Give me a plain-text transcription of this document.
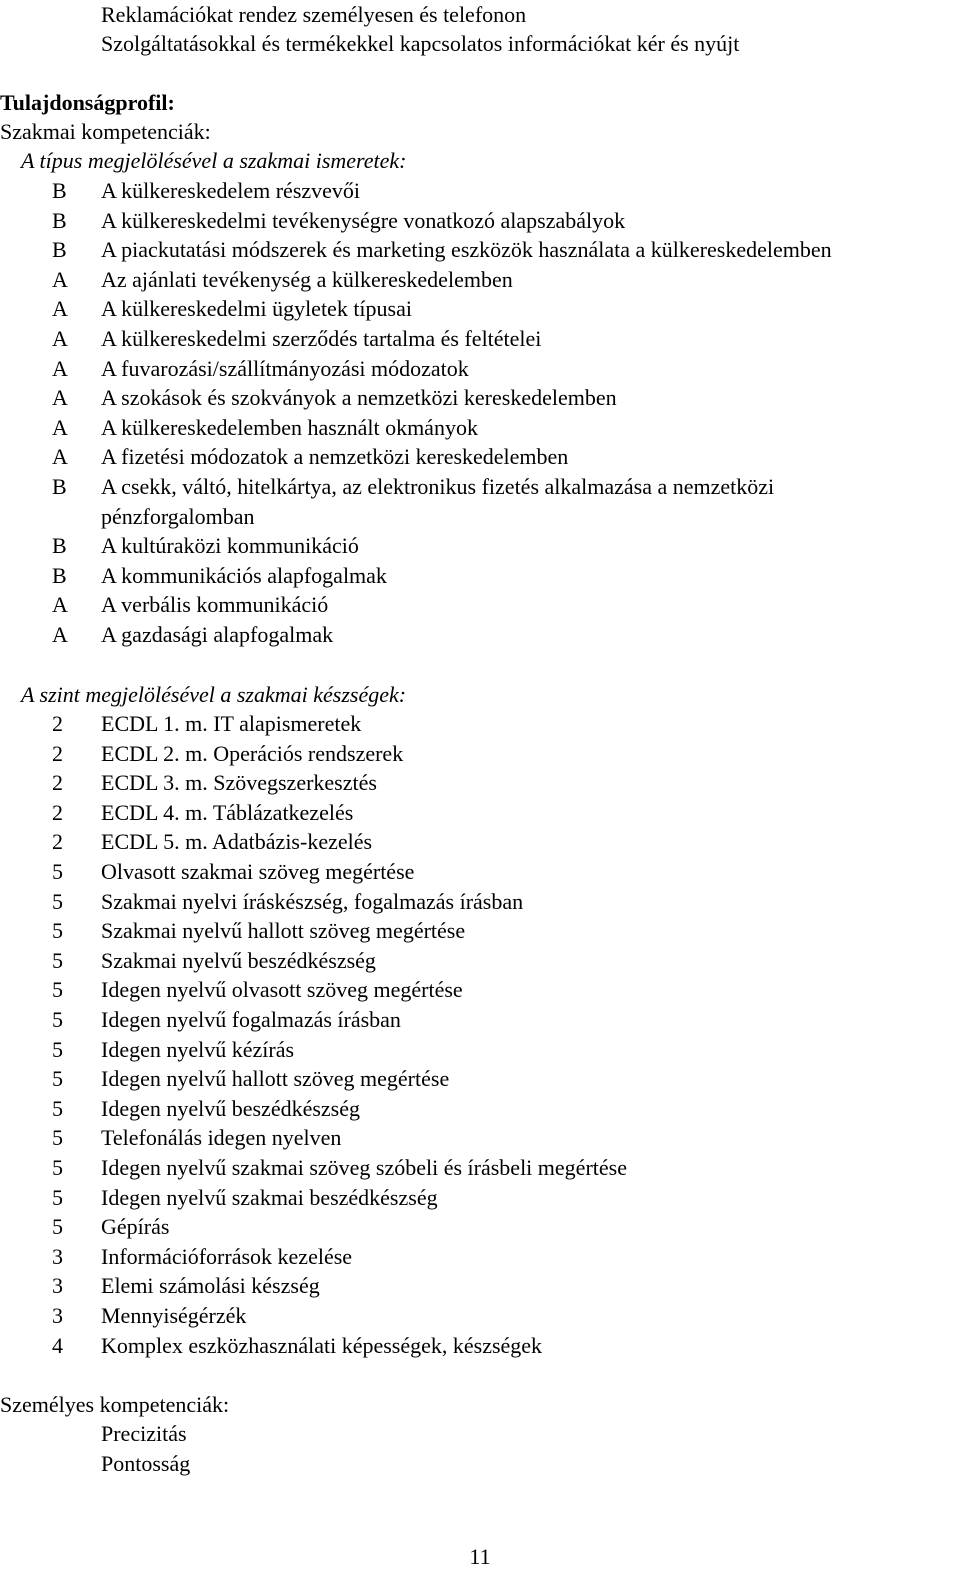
Reklamációkat rendez személyesen és telefonon
Szolgáltatásokkal és termékekkel kapcsolatos információkat kér és nyújt
Tulajdonságprofil:
Szakmai kompetenciák:
A típus megjelölésével a szakmai ismeretek:
B	A külkereskedelem részvevői
B	A külkereskedelmi tevékenységre vonatkozó alapszabályok
B	A piackutatási módszerek és marketing eszközök használata a külkereskedelemben
A	Az ajánlati tevékenység a külkereskedelemben
A	A külkereskedelmi ügyletek típusai
A	A külkereskedelmi szerződés tartalma és feltételei
A	A fuvarozási/szállítmányozási módozatok
A	A szokások és szokványok a nemzetközi kereskedelemben
A	A külkereskedelemben használt okmányok
A	A fizetési módozatok a nemzetközi kereskedelemben
B	A csekk, váltó, hitelkártya, az elektronikus fizetés alkalmazása a nemzetközi
pénzforgalomban
B	A kultúraközi kommunikáció
B	A kommunikációs alapfogalmak
A	A verbális kommunikáció
A	A gazdasági alapfogalmak
A szint megjelölésével a szakmai készségek:
2	ECDL 1. m. IT alapismeretek
2	ECDL 2. m. Operációs rendszerek
2	ECDL 3. m. Szövegszerkesztés
2	ECDL 4. m. Táblázatkezelés
2	ECDL 5. m. Adatbázis-kezelés
5	Olvasott szakmai szöveg megértése
5	Szakmai nyelvi íráskészség, fogalmazás írásban
5	Szakmai nyelvű hallott szöveg megértése
5	Szakmai nyelvű beszédkészség
5	Idegen nyelvű olvasott szöveg megértése
5	Idegen nyelvű fogalmazás írásban
5	Idegen nyelvű kézírás
5	Idegen nyelvű hallott szöveg megértése
5	Idegen nyelvű beszédkészség
5	Telefonálás idegen nyelven
5	Idegen nyelvű szakmai szöveg szóbeli és írásbeli megértése
5	Idegen nyelvű szakmai beszédkészség
5	Gépírás
3	Információforrások kezelése
3	Elemi számolási készség
3	Mennyiségérzék
4	Komplex eszközhasználati képességek, készségek
Személyes kompetenciák:
Precizitás
Pontosság
11
